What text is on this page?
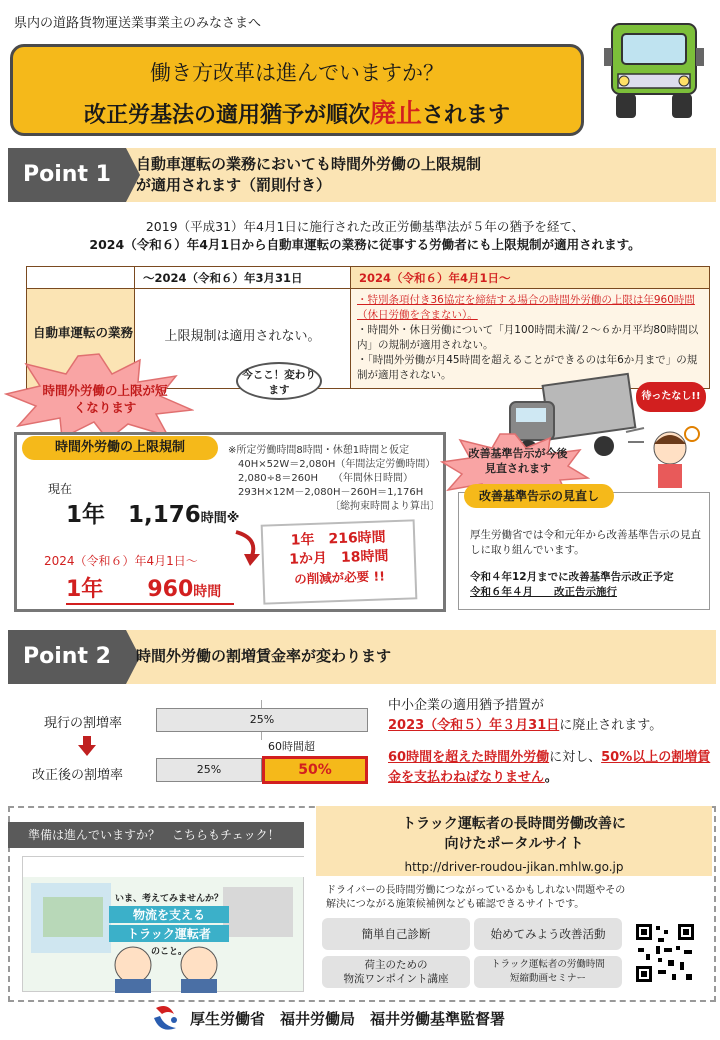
県内の道路貨物運送業事業主のみなさまへ
働き方改革は進んでいますか？
改正労基法の適用猶予が順次廃止されます
Point 1	自動車運転の業務においても時間外労働の上限規制
が適用されます（罰則付き）
2019（平成31）年4月1日に施行された改正労働基準法が５年の猶予を経て、
2024（令和６）年4月1日から自動車運転の業務に従事する労働者にも上限規制が適用されます。
	～2024（令和６）年3月31日	2024（令和６）年4月1日～
自動車運転の業務	上限規制は適用されない。	・特別条項付き36協定を締結する場合の時間外労働の上限は年960時間（休日労働を含まない）。
・時間外・休日労働について「月100時間未満/２～６か月平均80時間以内」の規制が適用されない。
・「時間外労働が月45時間を超えることができるのは年6か月まで」の規制が適用されない。
時間外労働の上限が短くなります
今ここ！変わります
待ったなし!!
時間外労働の上限規制	※所定労働時間8時間・休憩1時間と仮定
40H×52W＝2,080H（年間法定労働時間）
2,080÷8＝260H　　（年間休日時間）
293H×12M－2,080H－260H＝1,176H
〔総拘束時間より算出〕
現在
1年　 1,176時間※
2024（令和６）年4月1日～
1年　　 960時間
1年　216時間
1か月　18時間
の削減が必要 !!
改善基準告示が今後見直されます
改善基準告示の見直し
厚生労働省では令和元年から改善基準告示の見直しに取り組んでいます。
令和４年12月までに改善基準告示改正予定
令和６年４月　　改正告示施行
Point 2	時間外労働の割増賃金率が変わります
現行の割増率
改正後の割増率
25%
60時間超
25%	50%
中小企業の適用猶予措置が
2023（令和５）年３月31日に廃止されます。
60時間を超えた時間外労働に対し、50%以上の割増賃金を支払わねばなりません。
準備は進んでいますか？　こちらもチェック！
トラック運転者の長時間労働改善に
向けたポータルサイト
http://driver-roudou-jikan.mhlw.go.jp
いま、考えてみませんか？
物流を支える
トラック運転者
のこと。
ドライバーの長時間労働につながっているかもしれない問題やその解決につながる施策候補例なども確認できるサイトです。
簡単自己診断	始めてみよう改善活動
荷主のための
物流ワンポイント講座
トラック運転者の労働時間
短縮動画セミナー
厚生労働省　福井労働局　福井労働基準監督署
